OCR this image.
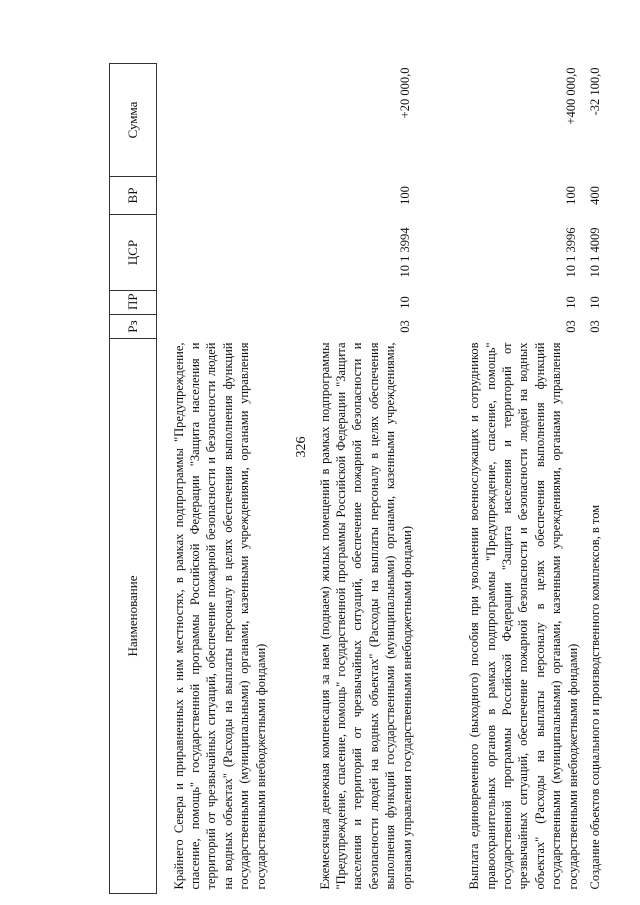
326
Наименование	Рз	ПР	ЦСР	ВР	Сумма
Крайнего Севера и приравненных к ним местностях, в рамках подпрограммы "Предупреждение, спасение, помощь" государственной программы Российской Федерации "Защита населения и территорий от чрезвычайных ситуаций, обеспечение пожарной безопасности и безопасности людей на водных объектах" (Расходы на выплаты персоналу в целях обеспечения выполнения функций государственными (муниципальными) органами, казенными учреждениями, органами управления государственными внебюджетными фондами)					
Ежемесячная денежная компенсация за наем (поднаем) жилых помещений в рамках подпрограммы "Предупреждение, спасение, помощь" государственной программы Российской Федерации "Защита населения и территорий от чрезвычайных ситуаций, обеспечение пожарной безопасности и безопасности людей на водных объектах" (Расходы на выплаты персоналу в целях обеспечения выполнения функций государственными (муниципальными) органами, казенными учреждениями, органами управления государственными внебюджетными фондами)	03	10	10 1 3994	100	+20 000,0
Выплата единовременного (выходного) пособия при увольнении военнослужащих и сотрудников правоохранительных органов в рамках подпрограммы "Предупреждение, спасение, помощь" государственной программы Российской Федерации "Защита населения и территорий от чрезвычайных ситуаций, обеспечение пожарной безопасности и безопасности людей на водных объектах" (Расходы на выплаты персоналу в целях обеспечения выполнения функций государственными (муниципальными) органами, казенными учреждениями, органами управления государственными внебюджетными фондами)	03	10	10 1 3996	100	+400 000,0
Создание объектов социального и производственного комплексов, в том	03	10	10 1 4009	400	-32 100,0
